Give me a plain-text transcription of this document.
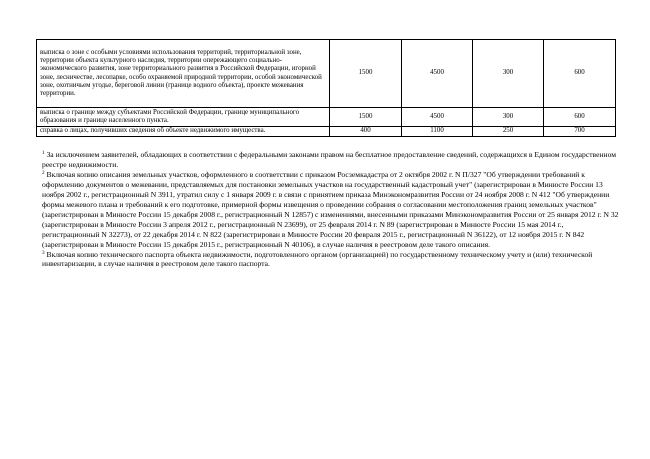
выписка о зоне с особыми условиями использования территорий, территориальной зоне, территории объекта культурного наследия, территории опережающего социально-экономического развития, зоне территориального развития в Российской Федерации, игорной зоне, лесничестве, лесопарке, особо охраняемой природной территории, особой экономической зоне, охотничьем угодье, береговой линии (границе водного объекта), проекте межевания территории.	1500	4500	300	600
выписка о границе между субъектами Российской Федерации, границе муниципального образования и границе населенного пункта.	1500	4500	300	600
справка о лицах, получивших сведения об объекте недвижимого имущества.	400	1100	250	700

$^1$ За исключением заявителей, обладающих в соответствии с федеральными законами правом на бесплатное предоставление сведений, содержащихся в Едином государственном реестре недвижимости.

$^2$ Включая копию описания земельных участков, оформленного в соответствии с приказом Росземкадастра от 2 октября 2002 г. N П/327 "Об утверждении требований к оформлению документов о межевании, представляемых для постановки земельных участков на государственный кадастровый учет" (зарегистрирован в Минюсте России 13 ноября 2002 г., регистрационный N 3911, утратил силу с 1 января 2009 г. в связи с принятием приказа Минэкономразвития России от 24 ноября 2008 г. N 412 "Об утверждении формы межевого плана и требований к его подготовке, примерной формы извещения о проведении собрания о согласовании местоположения границ земельных участков" (зарегистрирован в Минюсте России 15 декабря 2008 г., регистрационный N 12857) с изменениями, внесенными приказами Минэкономразвития России от 25 января 2012 г. N 32 (зарегистрирован в Минюсте России 3 апреля 2012 г., регистрационный N 23699), от 25 февраля 2014 г. N 89 (зарегистрирован в Минюсте России 15 мая 2014 г., регистрационный N 32273), от 22 декабря 2014 г. N 822 (зарегистрирован в Минюсте России 20 февраля 2015 г., регистрационный N 36122), от 12 ноября 2015 г. N 842 (зарегистрирован в Минюсте России 15 декабря 2015 г., регистрационный N 40106), в случае наличия в реестровом деле такого описания.

$^3$ Включая копию технического паспорта объекта недвижимости, подготовленного органом (организацией) по государственному техническому учету и (или) технической инвентаризации, в случае наличия в реестровом деле такого паспорта.
